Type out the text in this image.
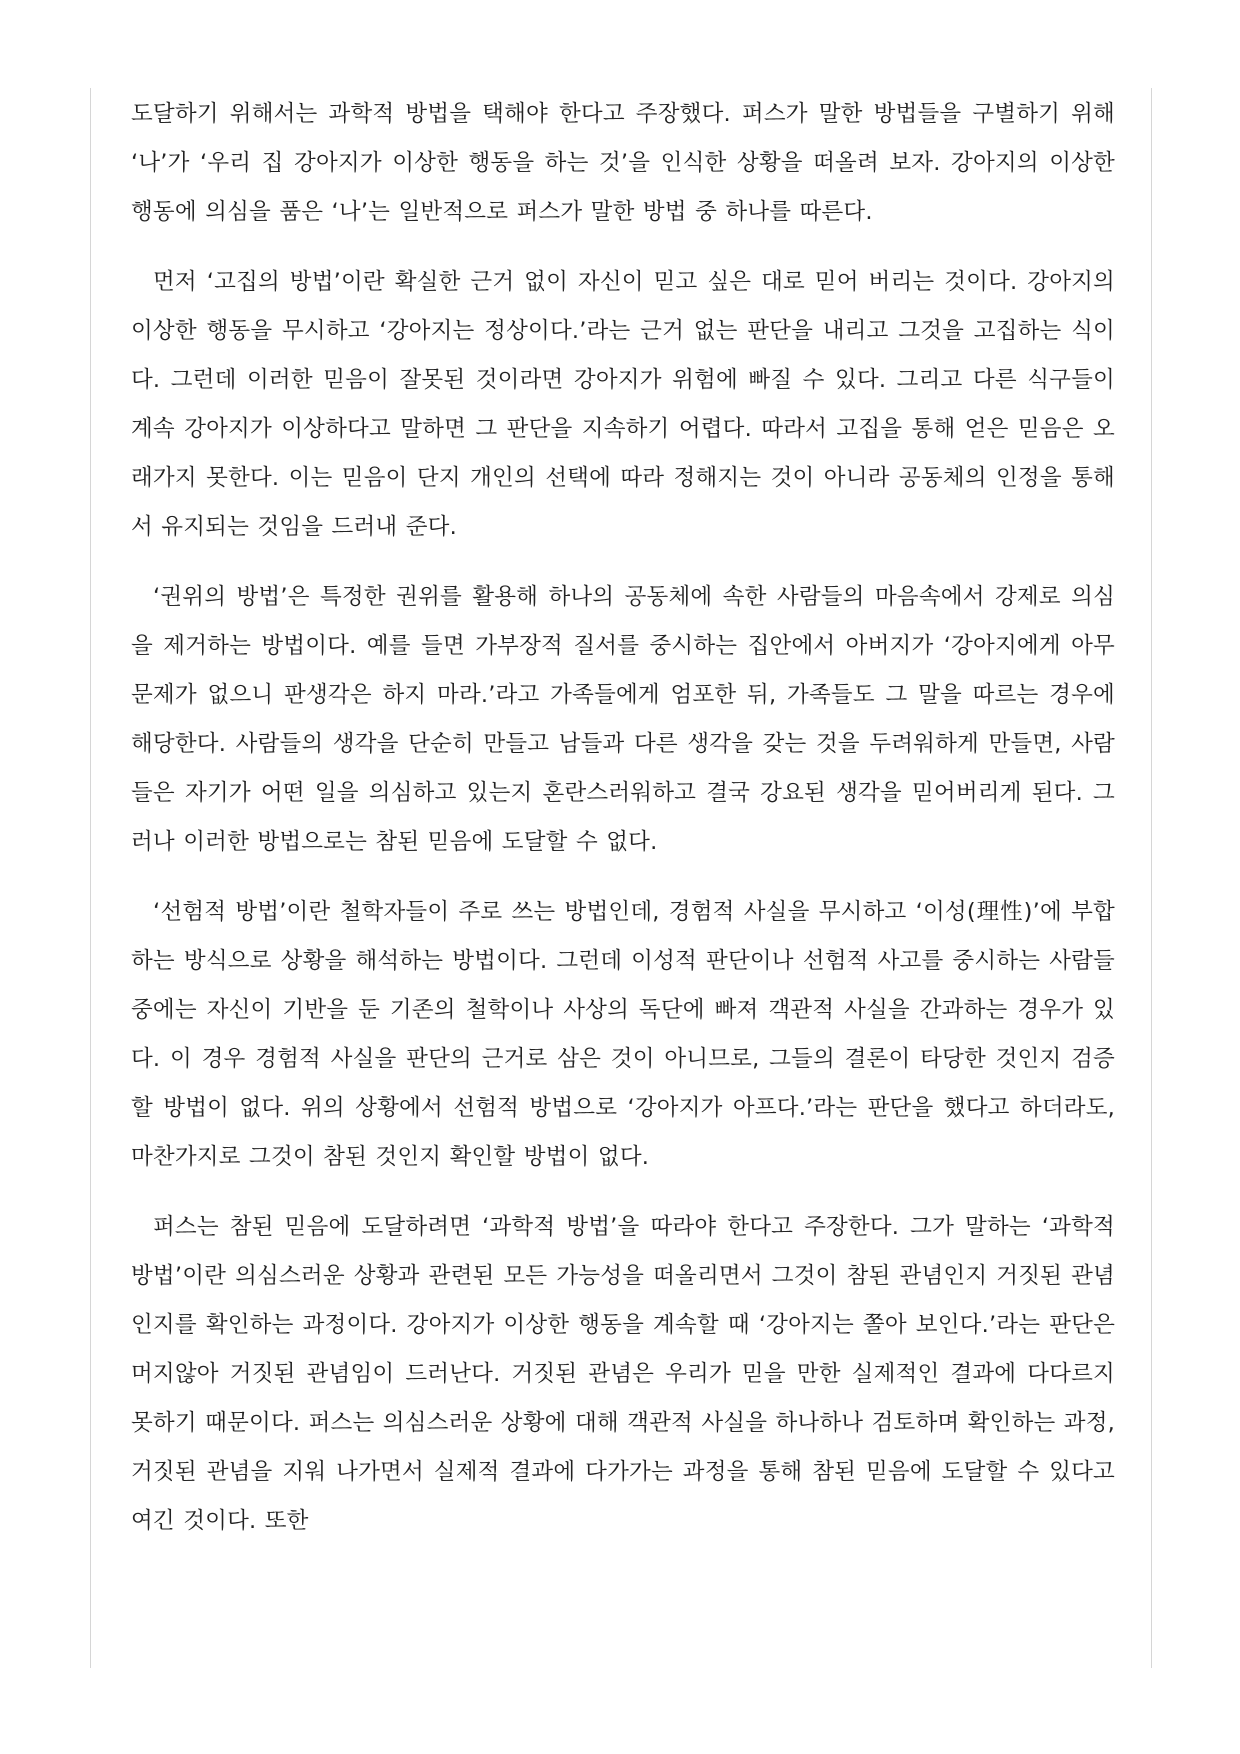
도달하기 위해서는 과학적 방법을 택해야 한다고 주장했다. 퍼스가 말한 방법들을 구별하기 위해 ‘나’가 ‘우리 집 강아지가 이상한 행동을 하는 것’을 인식한 상황을 떠올려 보자. 강아지의 이상한 행동에 의심을 품은 ‘나’는 일반적으로 퍼스가 말한 방법 중 하나를 따른다.

먼저 ‘고집의 방법’이란 확실한 근거 없이 자신이 믿고 싶은 대로 믿어 버리는 것이다. 강아지의 이상한 행동을 무시하고 ‘강아지는 정상이다.’라는 근거 없는 판단을 내리고 그것을 고집하는 식이다. 그런데 이러한 믿음이 잘못된 것이라면 강아지가 위험에 빠질 수 있다. 그리고 다른 식구들이 계속 강아지가 이상하다고 말하면 그 판단을 지속하기 어렵다. 따라서 고집을 통해 얻은 믿음은 오래가지 못한다. 이는 믿음이 단지 개인의 선택에 따라 정해지는 것이 아니라 공동체의 인정을 통해서 유지되는 것임을 드러내 준다.

‘권위의 방법’은 특정한 권위를 활용해 하나의 공동체에 속한 사람들의 마음속에서 강제로 의심을 제거하는 방법이다. 예를 들면 가부장적 질서를 중시하는 집안에서 아버지가 ‘강아지에게 아무 문제가 없으니 판생각은 하지 마라.’라고 가족들에게 엄포한 뒤, 가족들도 그 말을 따르는 경우에 해당한다. 사람들의 생각을 단순히 만들고 남들과 다른 생각을 갖는 것을 두려워하게 만들면, 사람들은 자기가 어떤 일을 의심하고 있는지 혼란스러워하고 결국 강요된 생각을 믿어버리게 된다. 그러나 이러한 방법으로는 참된 믿음에 도달할 수 없다.

‘선험적 방법’이란 철학자들이 주로 쓰는 방법인데, 경험적 사실을 무시하고 ‘이성(理性)’에 부합하는 방식으로 상황을 해석하는 방법이다. 그런데 이성적 판단이나 선험적 사고를 중시하는 사람들 중에는 자신이 기반을 둔 기존의 철학이나 사상의 독단에 빠져 객관적 사실을 간과하는 경우가 있다. 이 경우 경험적 사실을 판단의 근거로 삼은 것이 아니므로, 그들의 결론이 타당한 것인지 검증할 방법이 없다. 위의 상황에서 선험적 방법으로 ‘강아지가 아프다.’라는 판단을 했다고 하더라도, 마찬가지로 그것이 참된 것인지 확인할 방법이 없다.

퍼스는 참된 믿음에 도달하려면 ‘과학적 방법’을 따라야 한다고 주장한다. 그가 말하는 ‘과학적 방법’이란 의심스러운 상황과 관련된 모든 가능성을 떠올리면서 그것이 참된 관념인지 거짓된 관념인지를 확인하는 과정이다. 강아지가 이상한 행동을 계속할 때 ‘강아지는 쫄아 보인다.’라는 판단은 머지않아 거짓된 관념임이 드러난다. 거짓된 관념은 우리가 믿을 만한 실제적인 결과에 다다르지 못하기 때문이다. 퍼스는 의심스러운 상황에 대해 객관적 사실을 하나하나 검토하며 확인하는 과정, 거짓된 관념을 지워 나가면서 실제적 결과에 다가가는 과정을 통해 참된 믿음에 도달할 수 있다고 여긴 것이다. 또한
